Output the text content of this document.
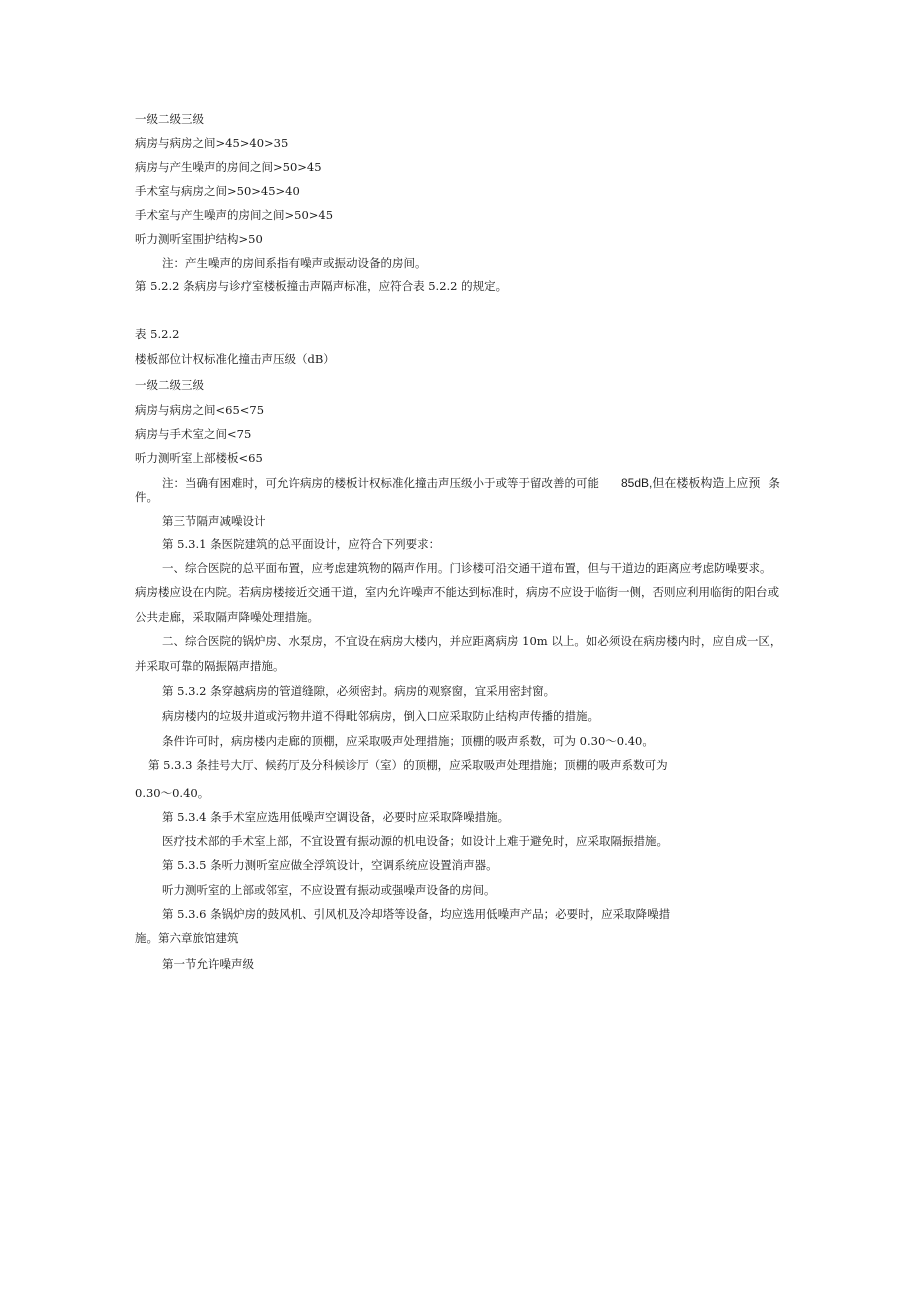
一级二级三级
病房与病房之间>45>40>35
病房与产生噪声的房间之间>50>45
手术室与病房之间>50>45>40
手术室与产生噪声的房间之间>50>45
听力测听室围护结构>50
注：产生噪声的房间系指有噪声或振动设备的房间。
第 5.2.2 条病房与诊疗室楼板撞击声隔声标准，应符合表 5.2.2 的规定。
表 5.2.2
楼板部位计权标准化撞击声压级（dB）
一级二级三级
病房与病房之间<65<75
病房与手术室之间<75
听力测听室上部楼板<65
注：当确有困难时，可允许病房的楼板计权标准化撞击声压级小于或等于留改善的可能 85dB,但在楼板构造上应预 条
件。
第三节隔声减噪设计
第 5.3.1 条医院建筑的总平面设计，应符合下列要求：
一、综合医院的总平面布置，应考虑建筑物的隔声作用。门诊楼可沿交通干道布置，但与干道边的距离应考虑防噪要求。
病房楼应设在内院。若病房楼接近交通干道，室内允许噪声不能达到标准时，病房不应设于临街一侧，否则应利用临街的阳台或
公共走廊，采取隔声降噪处理措施。
二、综合医院的锅炉房、水泵房，不宜设在病房大楼内，并应距离病房 10m 以上。如必须设在病房楼内时，应自成一区，
并采取可靠的隔振隔声措施。
第 5.3.2 条穿越病房的管道缝隙，必须密封。病房的观察窗，宜采用密封窗。
病房楼内的垃圾井道或污物井道不得毗邻病房，倒入口应采取防止结构声传播的措施。
条件许可时，病房楼内走廊的顶棚，应采取吸声处理措施；顶棚的吸声系数，可为 0.30～0.40。
第 5.3.3 条挂号大厅、候药厅及分科候诊厅（室）的顶棚，应采取吸声处理措施；顶棚的吸声系数可为
0.30～0.40。
第 5.3.4 条手术室应选用低噪声空调设备，必要时应采取降噪措施。
医疗技术部的手术室上部，不宜设置有振动源的机电设备；如设计上难于避免时，应采取隔振措施。
第 5.3.5 条听力测听室应做全浮筑设计，空调系统应设置消声器。
听力测听室的上部或邻室，不应设置有振动或强噪声设备的房间。
第 5.3.6 条锅炉房的鼓风机、引风机及冷却塔等设备，均应选用低噪声产品；必要时，应采取降噪措
施。第六章旅馆建筑
第一节允许噪声级
